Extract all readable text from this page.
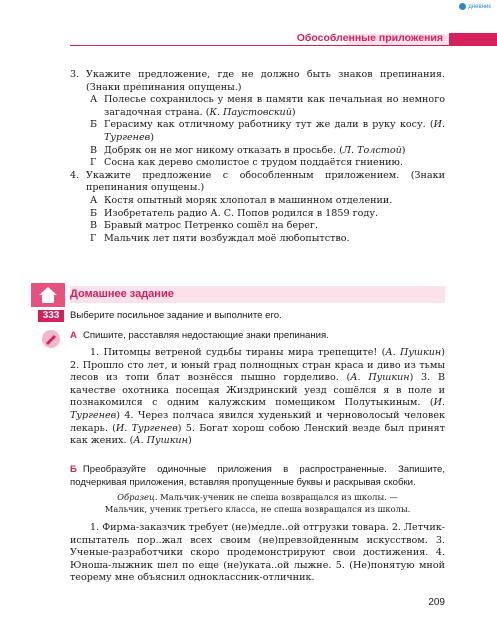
дневник
Обособленные приложения
3. Укажите предложение, где не должно быть знаков препинания. (Знаки препинания опущены.)
А Полесье сохранилось у меня в памяти как печальная но немного загадочная страна. (К. Паустовский)
Б Герасиму как отличному работнику тут же дали в руку косу. (И. Тургенев)
В Добряк он не мог никому отказать в просьбе. (Л. Толстой)
Г Сосна как дерево смолистое с трудом поддаётся гниению.
4. Укажите предложение с обособленным приложением. (Знаки препинания опущены.)
А Костя опытный моряк хлопотал в машинном отделении.
Б Изобретатель радио А. С. Попов родился в 1859 году.
В Бравый матрос Петренко сошёл на берег.
Г Мальчик лет пяти возбуждал моё любопытство.
Домашнее задание
333	Выберите посильное задание и выполните его.
А Спишите, расставляя недостающие знаки препинания.
1. Питомцы ветреной судьбы тираны мира трепещите! (А. Пушкин) 2. Прошло сто лет, и юный град полнощных стран краса и диво из тьмы лесов из топи блат вознёсся пышно горделиво. (А. Пушкин) 3. В качестве охотника посещая Жиздринский уезд сошёлся я в поле и познакомился с одним калужским помещиком Полутыкиным. (И. Тургенев) 4. Через полчаса явился худенький и черноволосый человек лекарь. (И. Тургенев) 5. Богат хорош собою Ленский везде был принят как жених. (А. Пушкин)
Б Преобразуйте одиночные приложения в распространенные. Запишите, подчеркивая приложения, вставляя пропущенные буквы и раскрывая скобки.
Образец. Мальчик-ученик не спеша возвращался из школы. —
Мальчик, ученик третьего класса, не спеша возвращался из школы.
1. Фирма-заказчик требует (не)медле..ой отгрузки товара. 2. Летчик-испытатель пор..жал всех своим (не)превзойденным искусством. 3. Ученые-разработчики скоро продемонстрируют свои достижения. 4. Юноша-лыжник шел по еще (не)уката..ой лыжне. 5. (Не)понятую мной теорему мне объяснил одноклассник-отличник.
209
